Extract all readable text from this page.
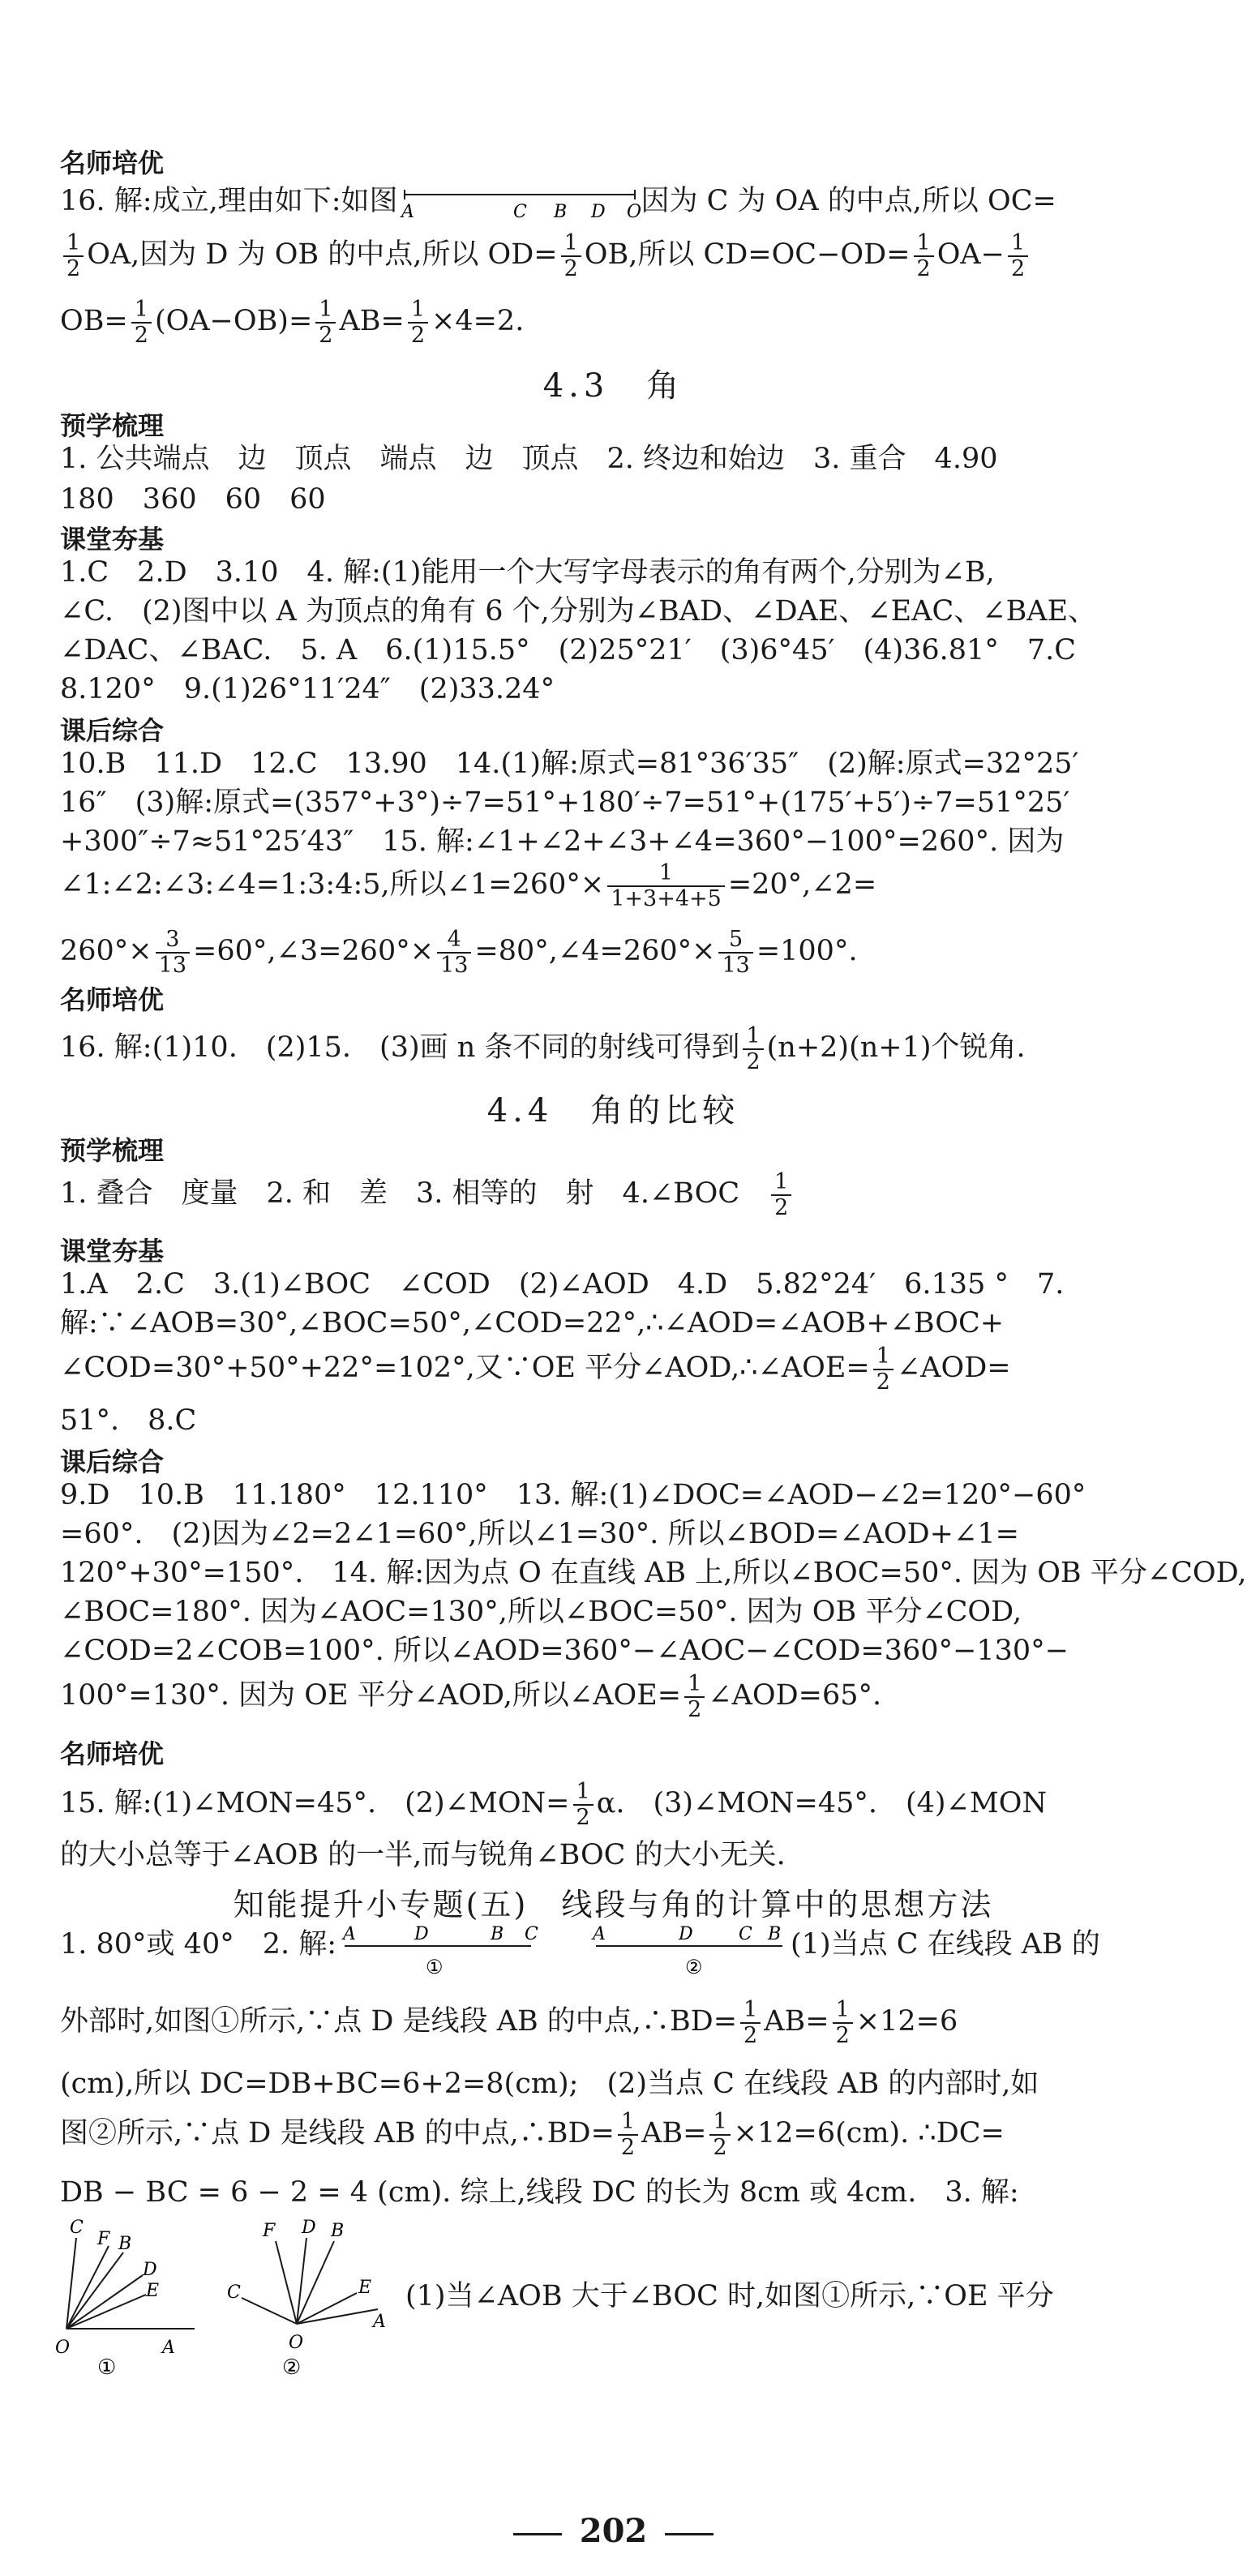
名师培优
16. 解:成立,理由如下:如图 A	C B D O 因为 C 为 OA 的中点,所以 OC=
$\frac{1}{2}$ OA,因为 D 为 OB 的中点,所以 $OD= \frac{1}{2}$ OB,所以 $CD=OC-OD= \frac{1}{2} OA- \frac{1}{2}$
$OB= \frac{1}{2} (OA-OB)= \frac{1}{2} AB= \frac{1}{2} \times 4=2$.
4.3　角
预学梳理
1. 公共端点　边　顶点　端点　边　顶点　2. 终边和始边　3. 重合　4.90
180　360　60　60
课堂夯基
1.C　2.D　3.10　4. 解:(1)能用一个大写字母表示的角有两个,分别为∠B,
∠C.　(2)图中以 A 为顶点的角有 6 个,分别为∠BAD、∠DAE、∠EAC、∠BAE、
∠DAC、∠BAC.　5. A　6.(1)15.5°　(2)25°21′　(3)6°45′　(4)36.81°　7.C
8.120°　9.(1)26°11′24″　(2)33.24°
课后综合
10.B　11.D　12.C　13.90　14.(1)解:原式=81°36′35″　(2)解:原式=32°25′
16″　(3)解:原式=(357°+3°)÷7=51°+180′÷7=51°+(175′+5′)÷7=51°25′
+300″÷7≈51°25′43″　15. 解:∠1+∠2+∠3+∠4=360°−100°=260°. 因为
∠1:∠2:∠3:∠4=1:3:4:5,所以∠1=260°× $\frac{1}{1+3+4+5}$ =20°,∠2=
$260^\circ\times \frac{3}{13}$ =60°,∠3=260°× $\frac{4}{13}$ =80°,∠4=260°× $\frac{5}{13} =100^\circ$.
名师培优
16. 解:(1)10.　(2)15.　(3)画 n 条不同的射线可得到 $\frac{1}{2} (n+2)(n+1)$个锐角.
4.4　角的比较
预学梳理
1. 叠合　度量　2. 和　差　3. 相等的　射　4.∠BOC　 $\frac{1}{2}$
课堂夯基
1.A　2.C　3.(1)∠BOC　∠COD　(2)∠AOD　4.D　5.82°24′　6.135 °　7.
解:∵∠AOB=30°,∠BOC=50°,∠COD=22°,∴∠AOD=∠AOB+∠BOC+
∠COD=30°+50°+22°=102°,又∵OE 平分∠AOD,∴∠AOE= $\frac{1}{2}$ ∠AOD=
51°.　8.C
课后综合
9.D　10.B　11.180°　12.110°　13. 解:(1)∠DOC=∠AOD−∠2=120°−60°
=60°.　(2)因为∠2=2∠1=60°,所以∠1=30°. 所以∠BOD=∠AOD+∠1=
120°+30°=150°.　14. 解:因为点 O 在直线 AB 上,所以∠BOC=50°. 因为 OB 平分∠COD,
∠BOC=180°. 因为∠AOC=130°,所以∠BOC=50°. 因为 OB 平分∠COD,
∠COD=2∠COB=100°. 所以∠AOD=360°−∠AOC−∠COD=360°−130°−
100°=130°. 因为 OE 平分∠AOD,所以∠AOE= $\frac{1}{2}$ ∠AOD=65°.
名师培优
15. 解:(1)∠MON=45°.　(2)∠MON= $\frac{1}{2} \alpha$.　(3)∠MON=45°.　(4)∠MON
的大小总等于∠AOB 的一半,而与锐角∠BOC 的大小无关.
知能提升小专题(五)　线段与角的计算中的思想方法
1. 80°或 40°　2. 解: A	D	B C
①
A	D	C B
②
(1)当点 C 在线段 AB 的
外部时,如图①所示,∵点 D 是线段 AB 的中点,∴BD= $\frac{1}{2} AB= \frac{1}{2} \times 12=6$
(cm),所以 DC=DB+BC=6+2=8(cm);　(2)当点 C 在线段 AB 的内部时,如
图②所示,∵点 D 是线段 AB 的中点,∴BD= $\frac{1}{2} AB= \frac{1}{2} \times 12=6(cm)$. ∴DC=
DB − BC = 6 − 2 = 4 (cm). 综上,线段 DC 的长为 8cm 或 4cm.　3. 解:
C
F B
D
E
O	A
①
F D B
C	E
O
A
②
(1)当∠AOB 大于∠BOC 时,如图①所示,∵OE 平分
202
